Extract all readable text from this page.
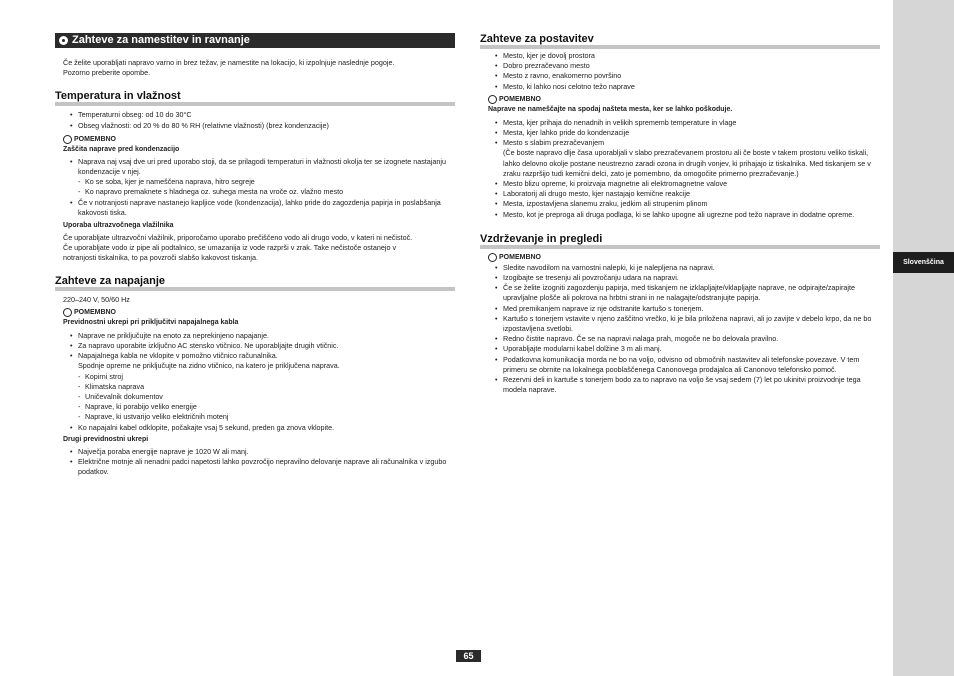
Slovenščina
Zahteve za namestitev in ravnanje

Če želite uporabljati napravo varno in brez težav, je namestite na lokacijo, ki izpolnjuje naslednje pogoje.

Pozorno preberite opombe.

Temperatura in vlažnost
• Temperaturni obseg: od 10 do 30°C
• Obseg vlažnosti: od 20 % do 80 % RH (relativne vlažnosti) (brez kondenzacije)

POMEMBNO

Zaščita naprave pred kondenzacijo

• Naprava naj vsaj dve uri pred uporabo stoji, da se prilagodi temperaturi in vlažnosti okolja ter se izognete nastajanju kondenzacije v njej.
- Ko se soba, kjer je nameščena naprava, hitro segreje
- Ko napravo premaknete s hladnega oz. suhega mesta na vroče oz. vlažno mesto
• Če v notranjosti naprave nastanejo kapljice vode (kondenzacija), lahko pride do zagozdenja papirja in poslabšanja kakovosti tiska.

Uporaba ultrazvočnega vlažilnika

Če uporabljate ultrazvočni vlažilnik, priporočamo uporabo prečiščeno vodo ali drugo vodo, v kateri ni nečistoč.

Če uporabljate vodo iz pipe ali podtalnico, se umazanija iz vode razprši v zrak. Take nečistoče ostanejo v

notranjosti tiskalnika, to pa povzroči slabšo kakovost tiskanja.

Zahteve za napajanje

220–240 V, 50/60 Hz

POMEMBNO

Previdnostni ukrepi pri priključitvi napajalnega kabla

• Naprave ne priključujte na enoto za neprekinjeno napajanje.
• Za napravo uporabite izključno AC stensko vtičnico. Ne uporabljajte drugih vtičnic.
• Napajalnega kabla ne vklopite v pomožno vtičnico računalnika.

Spodnje opreme ne priključujte na zidno vtičnico, na katero je priključena naprava.

- Kopirni stroj
- Klimatska naprava
- Uničevalnik dokumentov
- Naprave, ki porabijo veliko energije
- Naprave, ki ustvarijo veliko električnih motenj
• Ko napajalni kabel odklopite, počakajte vsaj 5 sekund, preden ga znova vklopite.

Drugi previdnostni ukrepi

• Največja poraba energije naprave je 1020 W ali manj.
• Električne motnje ali nenadni padci napetosti lahko povzročijo nepravilno delovanje naprave ali računalnika v izgubo podatkov.
Zahteve za postavitev
• Mesto, kjer je dovolj prostora
• Dobro prezračevano mesto
• Mesto z ravno, enakomerno površino
• Mesto, ki lahko nosi celotno težo naprave

POMEMBNO

Naprave ne nameščajte na spodaj našteta mesta, ker se lahko poškoduje.

• Mesta, kjer prihaja do nenadnih in velikih sprememb temperature in vlage
• Mesta, kjer lahko pride do kondenzacije
• Mesto s slabim prezračevanjem
(Če boste napravo dlje časa uporabljali v slabo prezračevanem prostoru ali če boste v takem prostoru veliko tiskali, lahko delovno okolje postane neustrezno zaradi ozona in drugih vonjev, ki prihajajo iz tiskalnika. Med tiskanjem se v zraku razpršijo tudi kemični delci, zato je pomembno, da omogočite primerno prezračevanje.)
• Mesto blizu opreme, ki proizvaja magnetne ali elektromagnetne valove
• Laboratorij ali drugo mesto, kjer nastajajo kemične reakcije
• Mesta, izpostavljena slanemu zraku, jedkim ali strupenim plinom
• Mesto, kot je preproga ali druga podlaga, ki se lahko upogne ali ugrezne pod težo naprave in dodatne opreme.
Vzdrževanje in pregledi

POMEMBNO

• Sledite navodilom na varnostni nalepki, ki je nalepljena na napravi.
• Izogibajte se tresenju ali povzročanju udara na napravi.
• Če se želite izogniti zagozdenju papirja, med tiskanjem ne izklapljajte/vklapljajte naprave, ne odpirajte/zapirajte upravljalne plošče ali pokrova na hrbtni strani in ne nalagajte/odstranjujte papirja.
• Med premikanjem naprave iz nje odstranite kartušo s tonerjem.
• Kartušo s tonerjem vstavite v njeno zaščitno vrečko, ki je bila priložena napravi, ali jo zavijte v debelo krpo, da ne bo izpostavljena svetlobi.
• Redno čistite napravo. Če se na napravi nalaga prah, mogoče ne bo delovala pravilno.
• Uporabljajte modularni kabel dolžine 3 m ali manj.
• Podatkovna komunikacija morda ne bo na voljo, odvisno od območnih nastavitev ali telefonske povezave. V tem primeru se obrnite na lokalnega pooblaščenega Canonovega prodajalca ali Canonovo telefonsko pomoč.
• Rezervni deli in kartuše s tonerjem bodo za to napravo na voljo še vsaj sedem (7) let po ukinitvi proizvodnje tega modela naprave.
65
